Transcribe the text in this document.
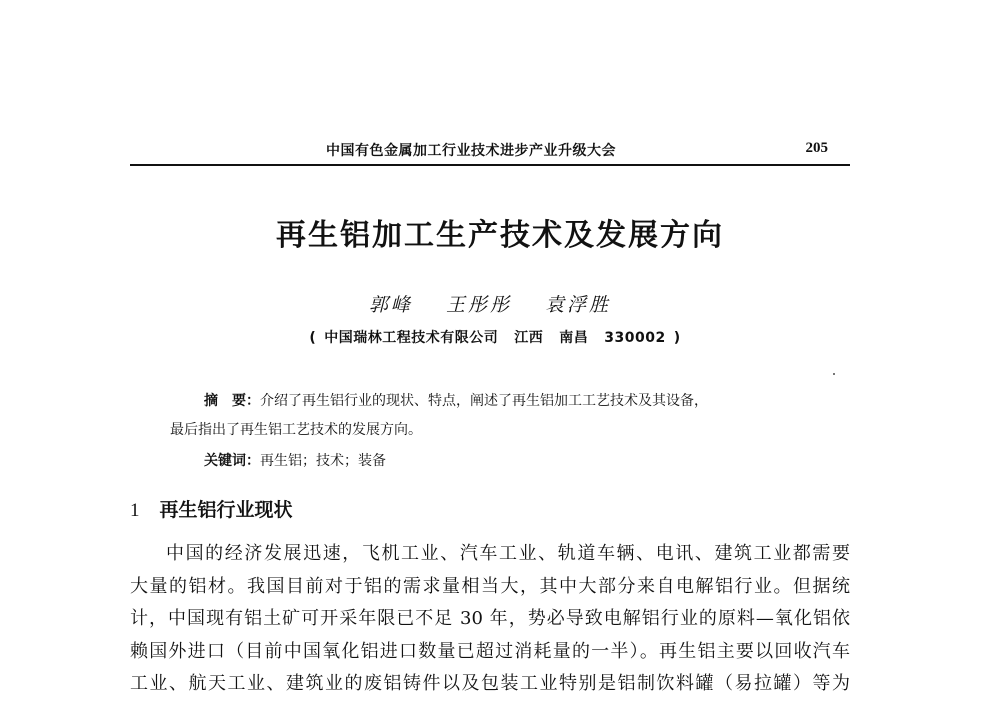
中国有色金属加工行业技术进步产业升级大会	205
再生铝加工生产技术及发展方向
郭峰 王彤彤 袁浮胜
( 中国瑞林工程技术有限公司 江西 南昌 330002 )
摘　要：介绍了再生铝行业的现状、特点，阐述了再生铝加工工艺技术及其设备，
最后指出了再生铝工艺技术的发展方向。
关键词：再生铝；技术；装备
1 再生铝行业现状
中国的经济发展迅速，飞机工业、汽车工业、轨道车辆、电讯、建筑工业都需要
大量的铝材。我国目前对于铝的需求量相当大，其中大部分来自电解铝行业。但据统
计，中国现有铝土矿可开采年限已不足 30 年，势必导致电解铝行业的原料—氧化铝依
赖国外进口（目前中国氧化铝进口数量已超过消耗量的一半）。再生铝主要以回收汽车
工业、航天工业、建筑业的废铝铸件以及包装工业特别是铝制饮料罐（易拉罐）等为
